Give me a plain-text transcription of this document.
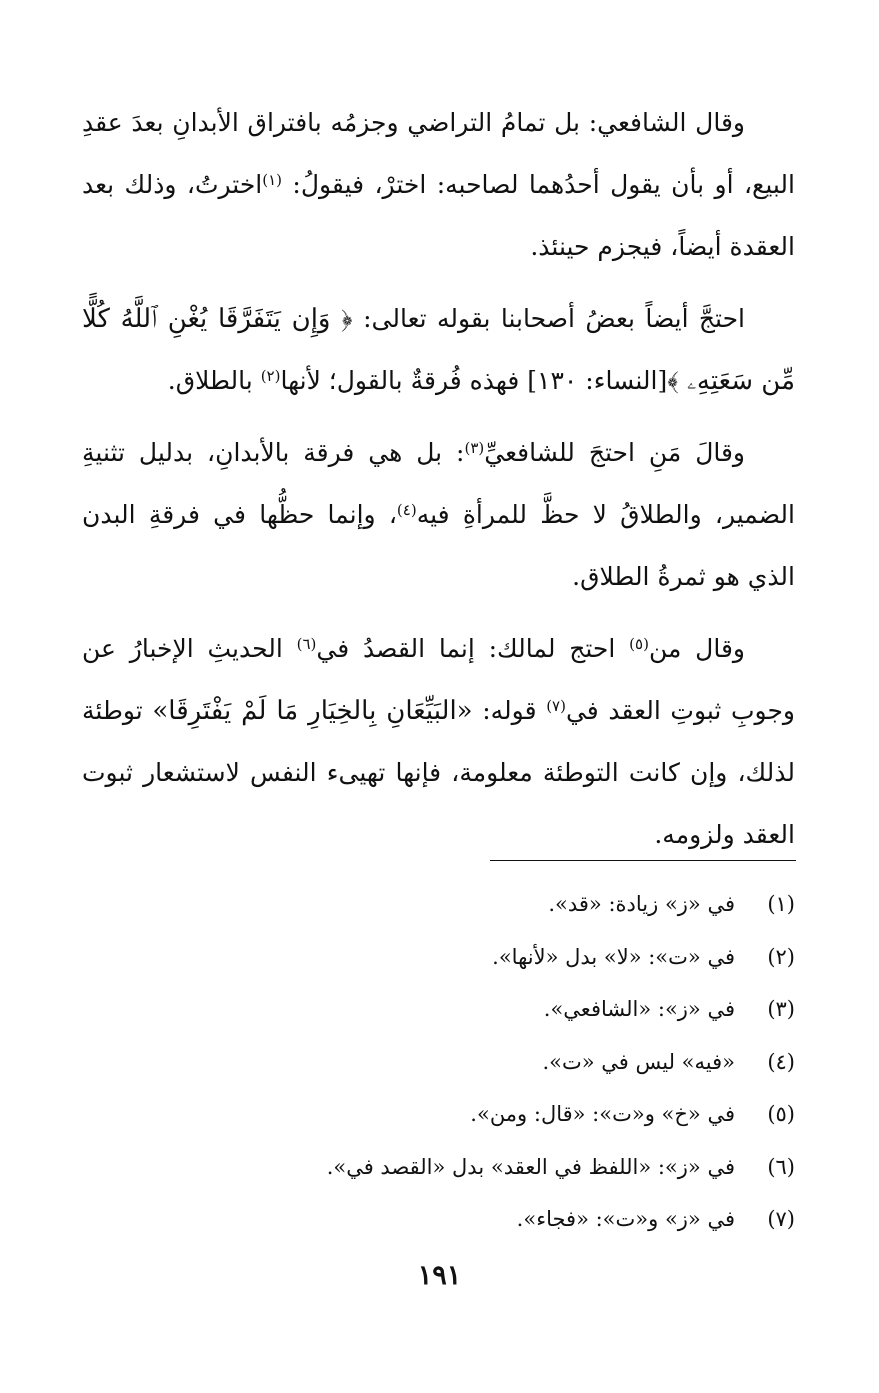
وقال الشافعي: بل تمامُ التراضي وجزمُه بافتراق الأبدانِ بعدَ عقدِ البيع، أو بأن يقول أحدُهما لصاحبه: اخترْ، فيقولُ: $^{(١)}$اخترتُ، وذلك بعد العقدة أيضاً، فيجزم حينئذ.

احتجَّ أيضاً بعضُ أصحابنا بقوله تعالى: ﴿ وَإِن يَتَفَرَّقَا يُغْنِ ٱللَّهُ كُلًّا مِّن سَعَتِهِۦ ﴾[النساء: ١٣٠] فهذه فُرقةٌ بالقول؛ لأنها$^{(٢)}$ بالطلاق.

وقالَ مَنِ احتجَ للشافعيِّ$^{(٣)}$: بل هي فرقة بالأبدانِ، بدليل تثنيةِ الضمير، والطلاقُ لا حظَّ للمرأةِ فيه$^{(٤)}$، وإنما حظُّها في فرقةِ البدن الذي هو ثمرةُ الطلاق.

وقال من$^{(٥)}$ احتج لمالك: إنما القصدُ في$^{(٦)}$ الحديثِ الإخبارُ عن وجوبِ ثبوتِ العقد في$^{(٧)}$ قوله: «البَيِّعَانِ بِالخِيَارِ مَا لَمْ يَفْتَرِقَا» توطئة لذلك، وإن كانت التوطئة معلومة، فإنها تهيىء النفس لاستشعار ثبوت العقد ولزومه.

(١)
في «ز» زيادة: «قد».
(٢)
في «ت»: «لا» بدل «لأنها».
(٣)
في «ز»: «الشافعي».
(٤)
«فيه» ليس في «ت».
(٥)
في «خ» و«ت»: «قال: ومن».
(٦)
في «ز»: «اللفظ في العقد» بدل «القصد في».
(٧)
في «ز» و«ت»: «فجاء».
١٩١
